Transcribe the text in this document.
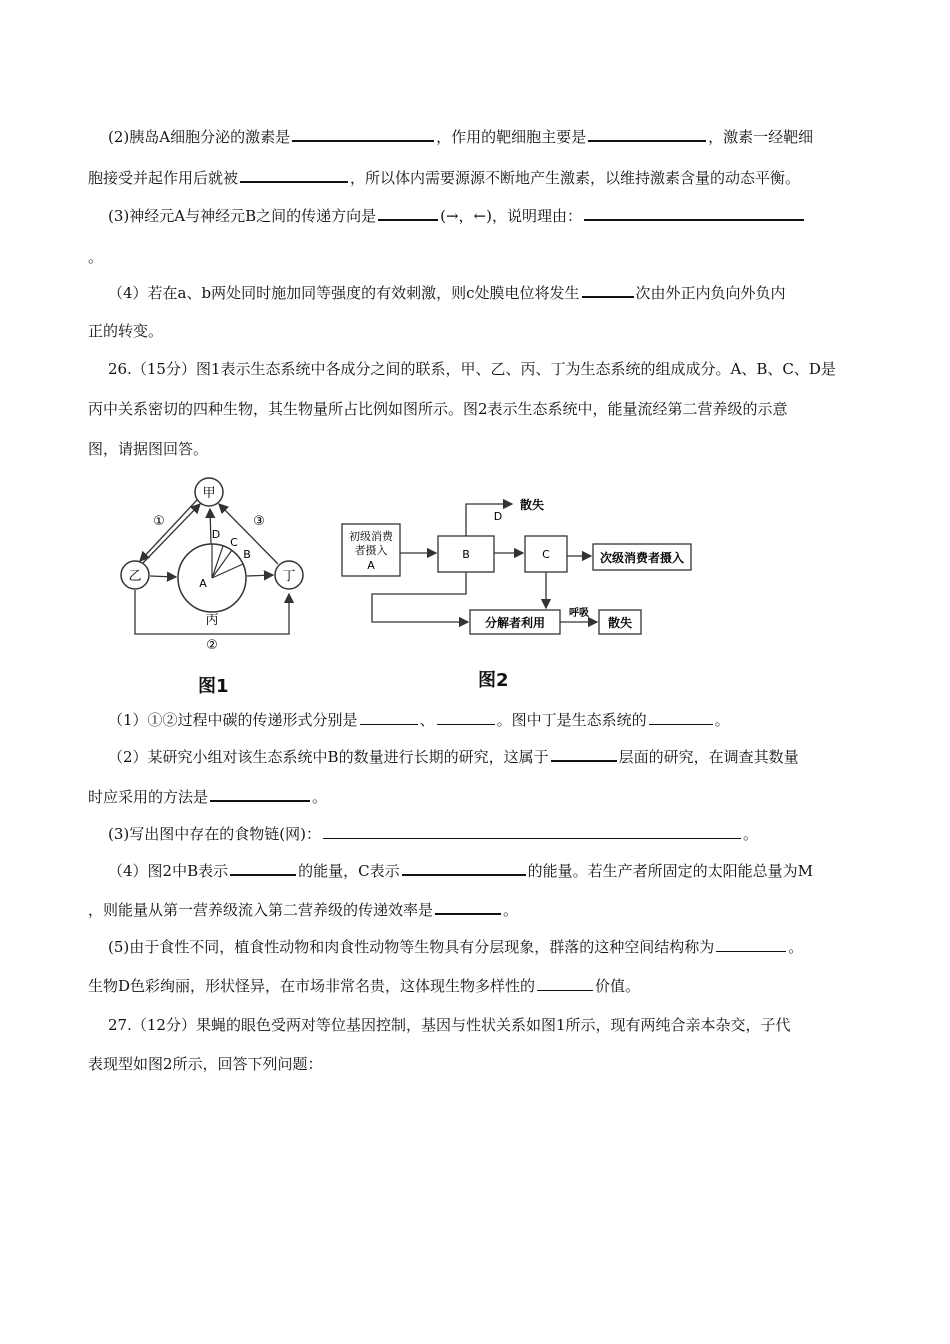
(2)胰岛A细胞分泌的激素是	，作用的靶细胞主要是	，激素一经靶细
胞接受并起作用后就被	，所以体内需要源源不断地产生激素，以维持激素含量的动态平衡。
(3)神经元A与神经元B之间的传递方向是	(→，←)，说明理由：
。
（4）若在a、b两处同时施加同等强度的有效刺激，则c处膜电位将发生	次由外正内负向外负内
正的转变。
26.（15分）图1表示生态系统中各成分之间的联系，甲、乙、丙、丁为生态系统的组成成分。A、B、C、D是
丙中关系密切的四种生物，其生物量所占比例如图所示。图2表示生态系统中，能量流经第二营养级的示意
图，请据图回答。
甲
乙	丁
丙
A
B
C
D
①	③
②
图1
初级消费
者摄入
A
B	C	次级消费者摄入
分解者利用	散失
散失
D
呼吸
图2
（1）①②过程中碳的传递形式分别是	、	。图中丁是生态系统的	。
（2）某研究小组对该生态系统中B的数量进行长期的研究，这属于	层面的研究，在调查其数量
时应采用的方法是	。
(3)写出图中存在的食物链(网)：	。
（4）图2中B表示	的能量，C表示	的能量。若生产者所固定的太阳能总量为M
，则能量从第一营养级流入第二营养级的传递效率是	。
(5)由于食性不同，植食性动物和肉食性动物等生物具有分层现象，群落的这种空间结构称为	。
生物D色彩绚丽，形状怪异，在市场非常名贵，这体现生物多样性的	价值。
27.（12分）果蝇的眼色受两对等位基因控制，基因与性状关系如图1所示，现有两纯合亲本杂交，子代
表现型如图2所示，回答下列问题：
